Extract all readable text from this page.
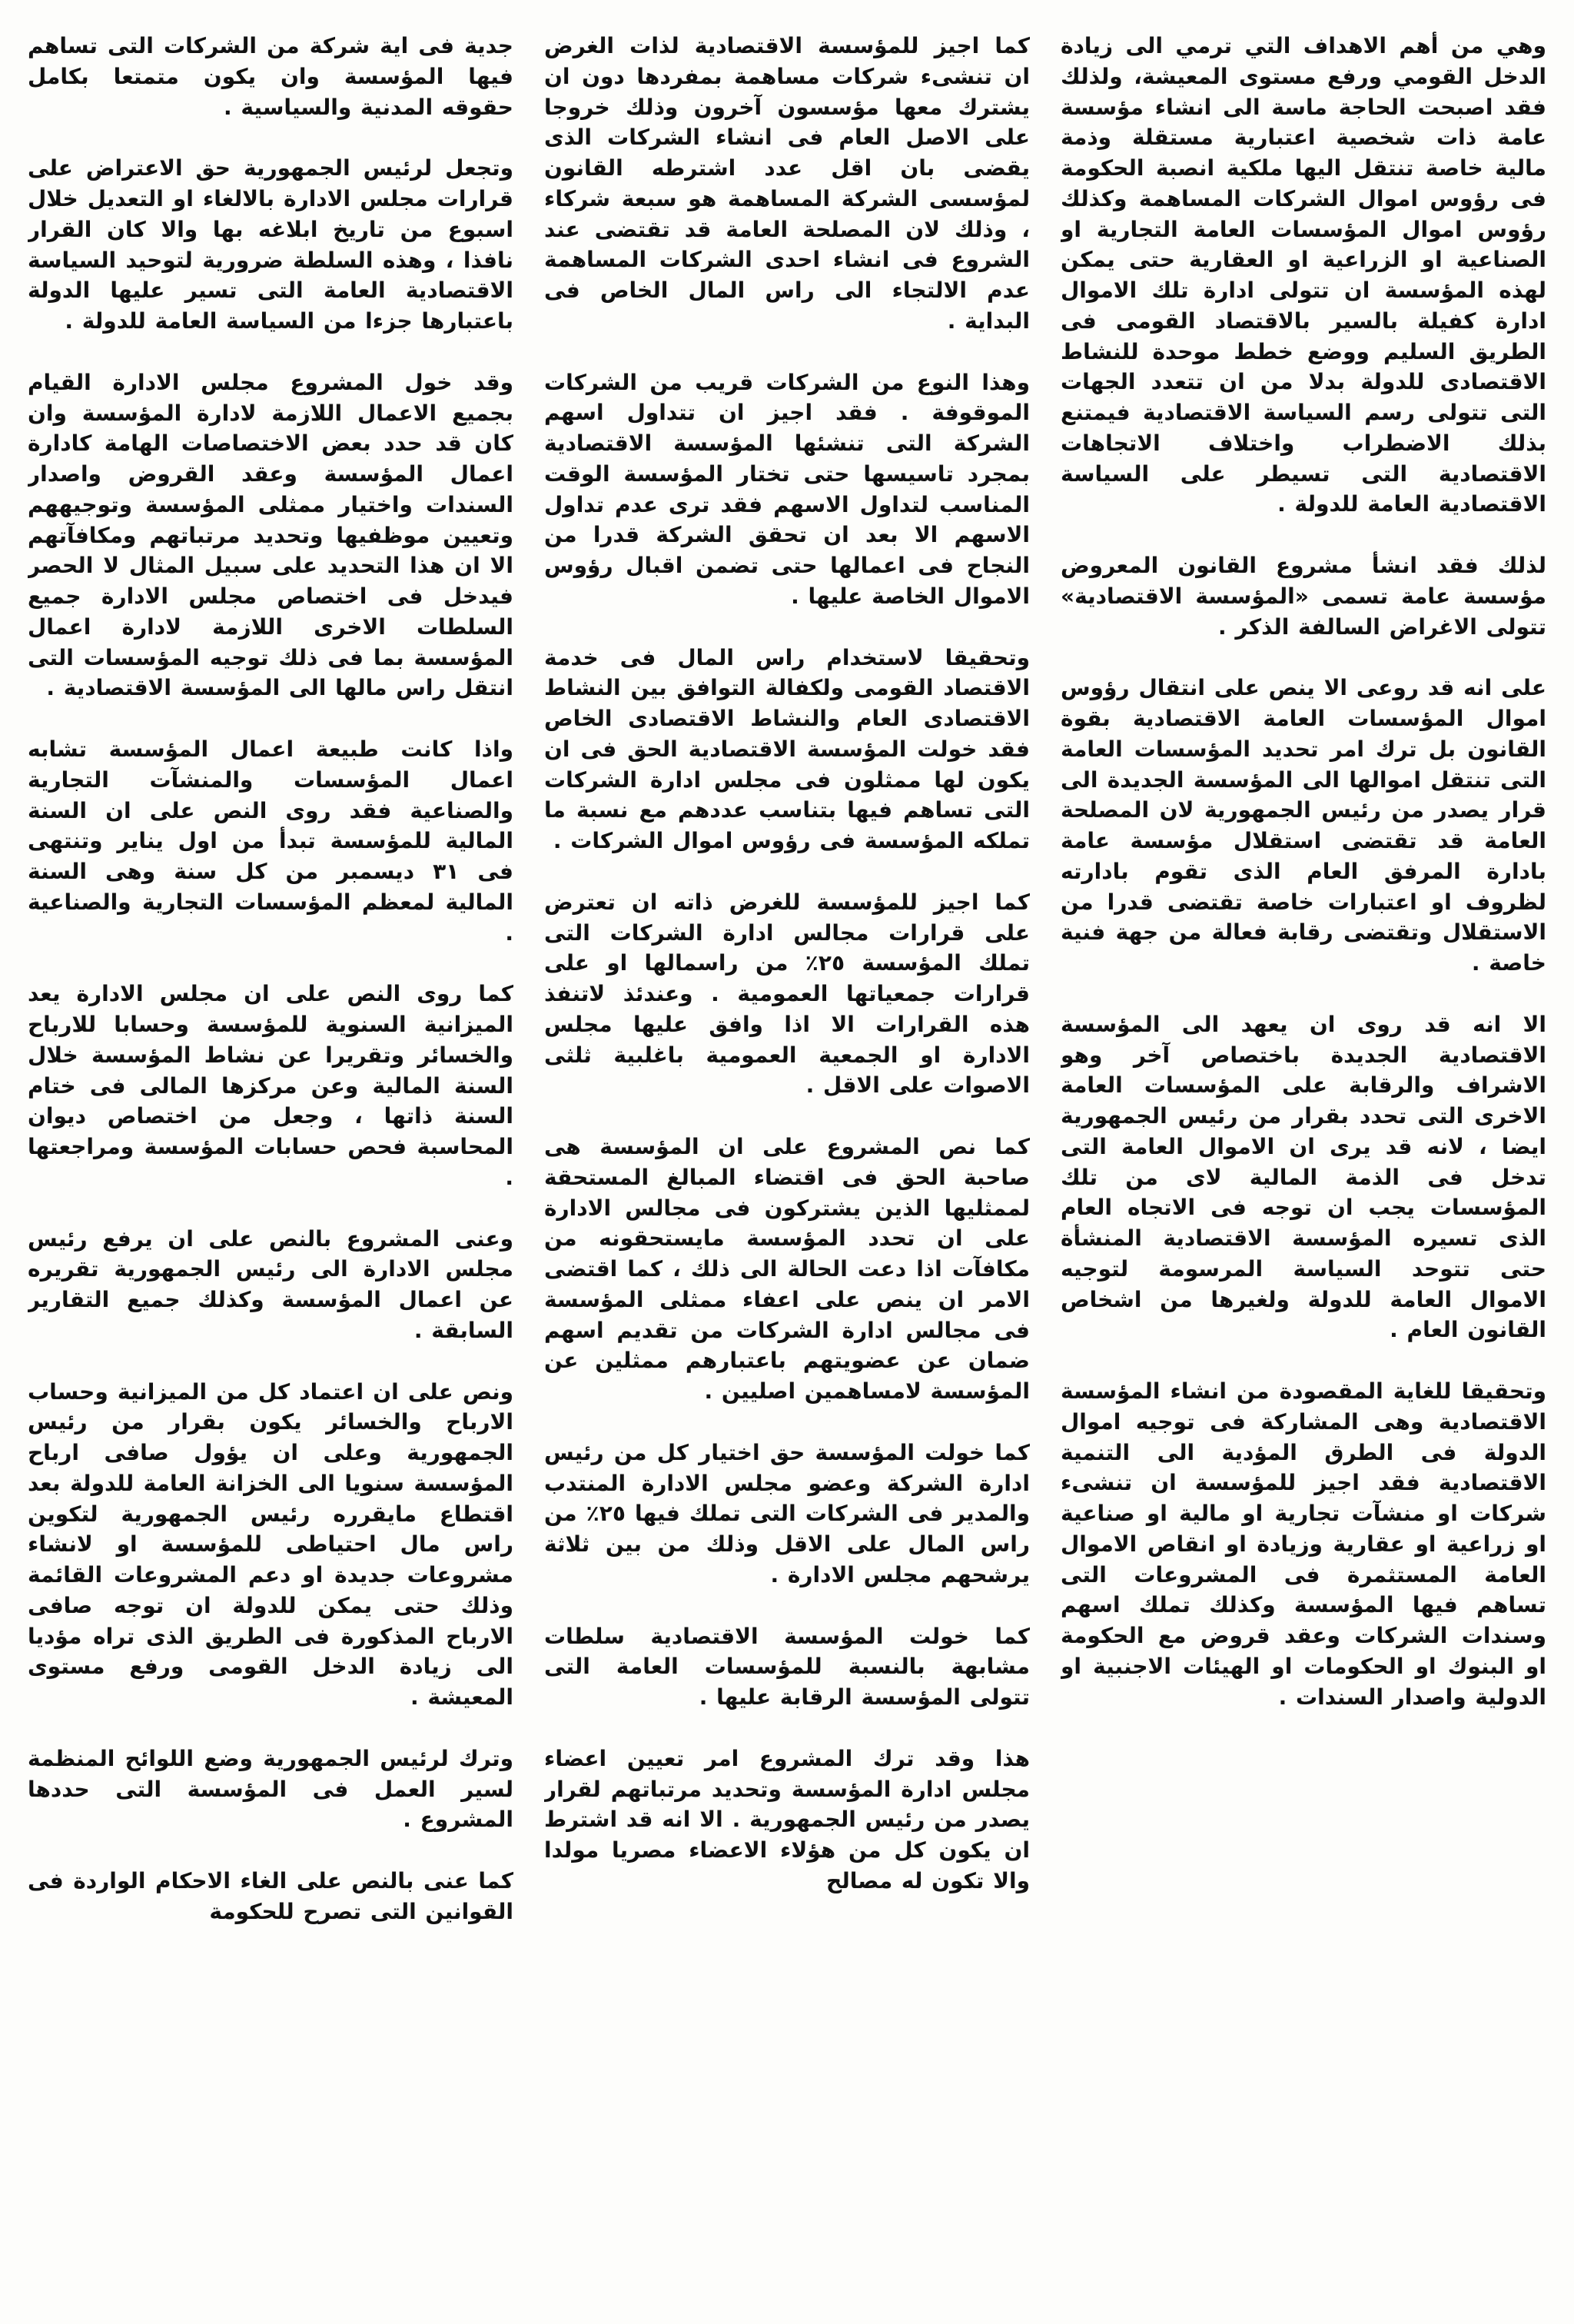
وهي من أهم الاهداف التي ترمي الى زيادة الدخل القومي ورفع مستوى المعيشة، ولذلك فقد اصبحت الحاجة ماسة الى انشاء مؤسسة عامة ذات شخصية اعتبارية مستقلة وذمة مالية خاصة تنتقل اليها ملكية انصبة الحكومة فى رؤوس اموال الشركات المساهمة وكذلك رؤوس اموال المؤسسات العامة التجارية او الصناعية او الزراعية او العقارية حتى يمكن لهذه المؤسسة ان تتولى ادارة تلك الاموال ادارة كفيلة بالسير بالاقتصاد القومى فى الطريق السليم ووضع خطط موحدة للنشاط الاقتصادى للدولة بدلا من ان تتعدد الجهات التى تتولى رسم السياسة الاقتصادية فيمتنع بذلك الاضطراب واختلاف الاتجاهات الاقتصادية التى تسيطر على السياسة الاقتصادية العامة للدولة .

لذلك فقد انشأ مشروع القانون المعروض مؤسسة عامة تسمى «المؤسسة الاقتصادية» تتولى الاغراض السالفة الذكر .

على انه قد روعى الا ينص على انتقال رؤوس اموال المؤسسات العامة الاقتصادية بقوة القانون بل ترك امر تحديد المؤسسات العامة التى تنتقل اموالها الى المؤسسة الجديدة الى قرار يصدر من رئيس الجمهورية لان المصلحة العامة قد تقتضى استقلال مؤسسة عامة بادارة المرفق العام الذى تقوم بادارته لظروف او اعتبارات خاصة تقتضى قدرا من الاستقلال وتقتضى رقابة فعالة من جهة فنية خاصة .

الا انه قد روى ان يعهد الى المؤسسة الاقتصادية الجديدة باختصاص آخر وهو الاشراف والرقابة على المؤسسات العامة الاخرى التى تحدد بقرار من رئيس الجمهورية ايضا ، لانه قد يرى ان الاموال العامة التى تدخل فى الذمة المالية لاى من تلك المؤسسات يجب ان توجه فى الاتجاه العام الذى تسيره المؤسسة الاقتصادية المنشأة حتى تتوحد السياسة المرسومة لتوجيه الاموال العامة للدولة ولغيرها من اشخاص القانون العام .

وتحقيقا للغاية المقصودة من انشاء المؤسسة الاقتصادية وهى المشاركة فى توجيه اموال الدولة فى الطرق المؤدية الى التنمية الاقتصادية فقد اجيز للمؤسسة ان تنشىء شركات او منشآت تجارية او مالية او صناعية او زراعية او عقارية وزيادة او انقاص الاموال العامة المستثمرة فى المشروعات التى تساهم فيها المؤسسة وكذلك تملك اسهم وسندات الشركات وعقد قروض مع الحكومة او البنوك او الحكومات او الهيئات الاجنبية او الدولية واصدار السندات .

كما اجيز للمؤسسة الاقتصادية لذات الغرض ان تنشىء شركات مساهمة بمفردها دون ان يشترك معها مؤسسون آخرون وذلك خروجا على الاصل العام فى انشاء الشركات الذى يقضى بان اقل عدد اشترطه القانون لمؤسسى الشركة المساهمة هو سبعة شركاء ، وذلك لان المصلحة العامة قد تقتضى عند الشروع فى انشاء احدى الشركات المساهمة عدم الالتجاء الى راس المال الخاص فى البداية .

وهذا النوع من الشركات قريب من الشركات الموقوفة . فقد اجيز ان تتداول اسهم الشركة التى تنشئها المؤسسة الاقتصادية بمجرد تاسيسها حتى تختار المؤسسة الوقت المناسب لتداول الاسهم فقد ترى عدم تداول الاسهم الا بعد ان تحقق الشركة قدرا من النجاح فى اعمالها حتى تضمن اقبال رؤوس الاموال الخاصة عليها .

وتحقيقا لاستخدام راس المال فى خدمة الاقتصاد القومى ولكفالة التوافق بين النشاط الاقتصادى العام والنشاط الاقتصادى الخاص فقد خولت المؤسسة الاقتصادية الحق فى ان يكون لها ممثلون فى مجلس ادارة الشركات التى تساهم فيها بتناسب عددهم مع نسبة ما تملكه المؤسسة فى رؤوس اموال الشركات .

كما اجيز للمؤسسة للغرض ذاته ان تعترض على قرارات مجالس ادارة الشركات التى تملك المؤسسة ٢٥٪ من راسمالها او على قرارات جمعياتها العمومية . وعندئذ لاتنفذ هذه القرارات الا اذا وافق عليها مجلس الادارة او الجمعية العمومية باغلبية ثلثى الاصوات على الاقل .

كما نص المشروع على ان المؤسسة هى صاحبة الحق فى اقتضاء المبالغ المستحقة لممثليها الذين يشتركون فى مجالس الادارة على ان تحدد المؤسسة مايستحقونه من مكافآت اذا دعت الحالة الى ذلك ، كما اقتضى الامر ان ينص على اعفاء ممثلى المؤسسة فى مجالس ادارة الشركات من تقديم اسهم ضمان عن عضويتهم باعتبارهم ممثلين عن المؤسسة لامساهمين اصليين .

كما خولت المؤسسة حق اختيار كل من رئيس ادارة الشركة وعضو مجلس الادارة المنتدب والمدير فى الشركات التى تملك فيها ٢٥٪ من راس المال على الاقل وذلك من بين ثلاثة يرشحهم مجلس الادارة .

كما خولت المؤسسة الاقتصادية سلطات مشابهة بالنسبة للمؤسسات العامة التى تتولى المؤسسة الرقابة عليها .

هذا وقد ترك المشروع امر تعيين اعضاء مجلس ادارة المؤسسة وتحديد مرتباتهم لقرار يصدر من رئيس الجمهورية . الا انه قد اشترط ان يكون كل من هؤلاء الاعضاء مصريا مولدا والا تكون له مصالح

جدية فى اية شركة من الشركات التى تساهم فيها المؤسسة وان يكون متمتعا بكامل حقوقه المدنية والسياسية .

وتجعل لرئيس الجمهورية حق الاعتراض على قرارات مجلس الادارة بالالغاء او التعديل خلال اسبوع من تاريخ ابلاغه بها والا كان القرار نافذا ، وهذه السلطة ضرورية لتوحيد السياسة الاقتصادية العامة التى تسير عليها الدولة باعتبارها جزءا من السياسة العامة للدولة .

وقد خول المشروع مجلس الادارة القيام بجميع الاعمال اللازمة لادارة المؤسسة وان كان قد حدد بعض الاختصاصات الهامة كادارة اعمال المؤسسة وعقد القروض واصدار السندات واختيار ممثلى المؤسسة وتوجيههم وتعيين موظفيها وتحديد مرتباتهم ومكافآتهم الا ان هذا التحديد على سبيل المثال لا الحصر فيدخل فى اختصاص مجلس الادارة جميع السلطات الاخرى اللازمة لادارة اعمال المؤسسة بما فى ذلك توجيه المؤسسات التى انتقل راس مالها الى المؤسسة الاقتصادية .

واذا كانت طبيعة اعمال المؤسسة تشابه اعمال المؤسسات والمنشآت التجارية والصناعية فقد روى النص على ان السنة المالية للمؤسسة تبدأ من اول يناير وتنتهى فى ٣١ ديسمبر من كل سنة وهى السنة المالية لمعظم المؤسسات التجارية والصناعية .

كما روى النص على ان مجلس الادارة يعد الميزانية السنوية للمؤسسة وحسابا للارباح والخسائر وتقريرا عن نشاط المؤسسة خلال السنة المالية وعن مركزها المالى فى ختام السنة ذاتها ، وجعل من اختصاص ديوان المحاسبة فحص حسابات المؤسسة ومراجعتها .

وعنى المشروع بالنص على ان يرفع رئيس مجلس الادارة الى رئيس الجمهورية تقريره عن اعمال المؤسسة وكذلك جميع التقارير السابقة .

ونص على ان اعتماد كل من الميزانية وحساب الارباح والخسائر يكون بقرار من رئيس الجمهورية وعلى ان يؤول صافى ارباح المؤسسة سنويا الى الخزانة العامة للدولة بعد اقتطاع مايقرره رئيس الجمهورية لتكوين راس مال احتياطى للمؤسسة او لانشاء مشروعات جديدة او دعم المشروعات القائمة وذلك حتى يمكن للدولة ان توجه صافى الارباح المذكورة فى الطريق الذى تراه مؤديا الى زيادة الدخل القومى ورفع مستوى المعيشة .

وترك لرئيس الجمهورية وضع اللوائح المنظمة لسير العمل فى المؤسسة التى حددها المشروع .

كما عنى بالنص على الغاء الاحكام الواردة فى القوانين التى تصرح للحكومة
